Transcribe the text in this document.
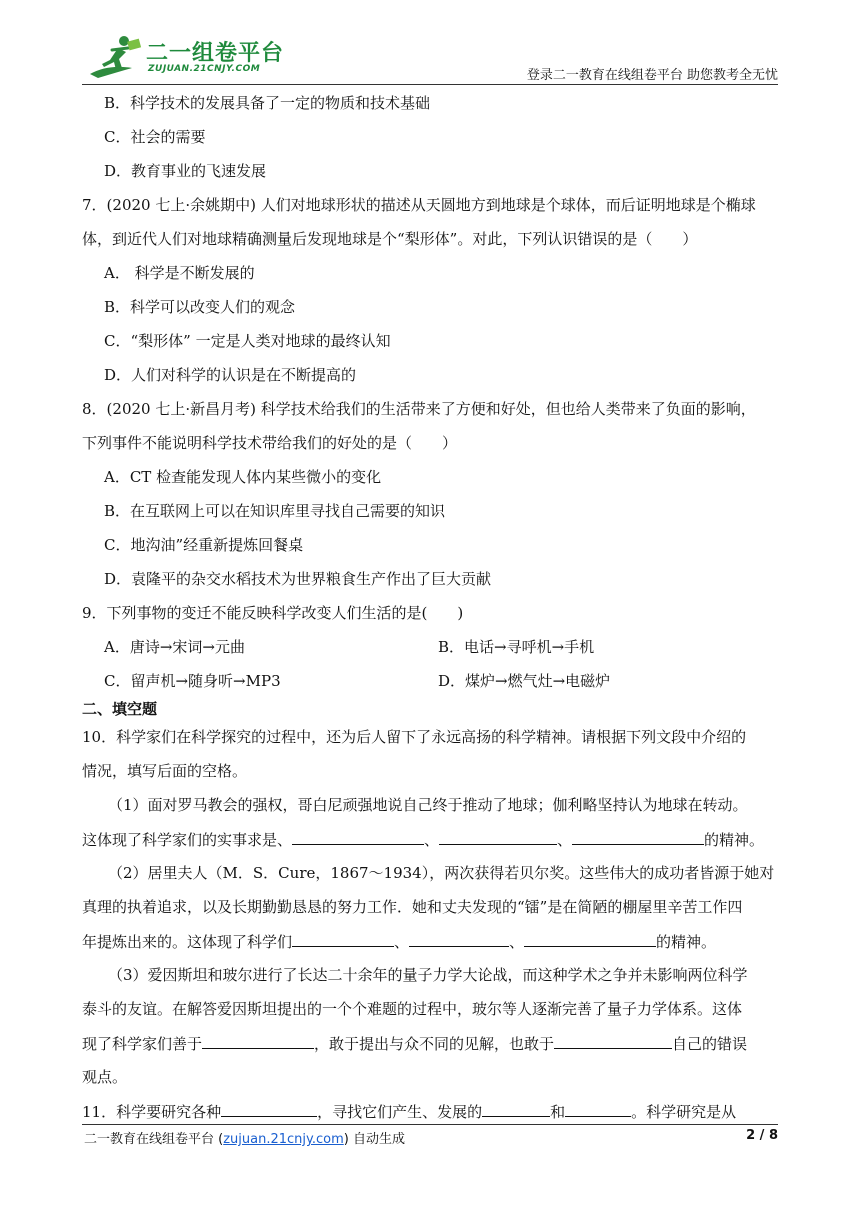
二一组卷平台
ZUJUAN.21CNJY.COM	登录二一教育在线组卷平台 助您教考全无忧
B．科学技术的发展具备了一定的物质和技术基础
C．社会的需要
D．教育事业的飞速发展
7．(2020 七上·余姚期中) 人们对地球形状的描述从天圆地方到地球是个球体，而后证明地球是个椭球
体，到近代人们对地球精确测量后发现地球是个“梨形体”。对此，下列认识错误的是（　　）
A． 科学是不断发展的
B．科学可以改变人们的观念
C．“梨形体” 一定是人类对地球的最终认知
D．人们对科学的认识是在不断提高的
8．(2020 七上·新昌月考) 科学技术给我们的生活带来了方便和好处，但也给人类带来了负面的影响，
下列事件不能说明科学技术带给我们的好处的是（　　）
A．CT 检查能发现人体内某些微小的变化
B．在互联网上可以在知识库里寻找自己需要的知识
C．地沟油”经重新提炼回餐桌
D．袁隆平的杂交水稻技术为世界粮食生产作出了巨大贡献
9．下列事物的变迁不能反映科学改变人们生活的是(　　)
A．唐诗→宋词→元曲	B．电话→寻呼机→手机
C．留声机→随身听→MP3	D．煤炉→燃气灶→电磁炉
二、填空题
10．科学家们在科学探究的过程中，还为后人留下了永远高扬的科学精神。请根据下列文段中介绍的
情况，填写后面的空格。
（1）面对罗马教会的强权，哥白尼顽强地说自己终于推动了地球；伽利略坚持认为地球在转动。
这体现了科学家们的实事求是、	、	、	的精神。
（2）居里夫人（M．S．Cure，1867～1934），两次获得若贝尔奖。这些伟大的成功者皆源于她对
真理的执着追求，以及长期勤勤恳恳的努力工作．她和丈夫发现的“镭”是在简陋的棚屋里辛苦工作四
年提炼出来的。这体现了科学们	、	、	的精神。
（3）爱因斯坦和玻尔进行了长达二十余年的量子力学大论战，而这种学术之争并未影响两位科学
泰斗的友谊。在解答爱因斯坦提出的一个个难题的过程中，玻尔等人逐渐完善了量子力学体系。这体
现了科学家们善于	，敢于提出与众不同的见解，也敢于	自己的错误
观点。
11．科学要研究各种	，寻找它们产生、发展的	和	。科学研究是从
二一教育在线组卷平台 (zujuan.21cnjy.com) 自动生成	2 / 8
